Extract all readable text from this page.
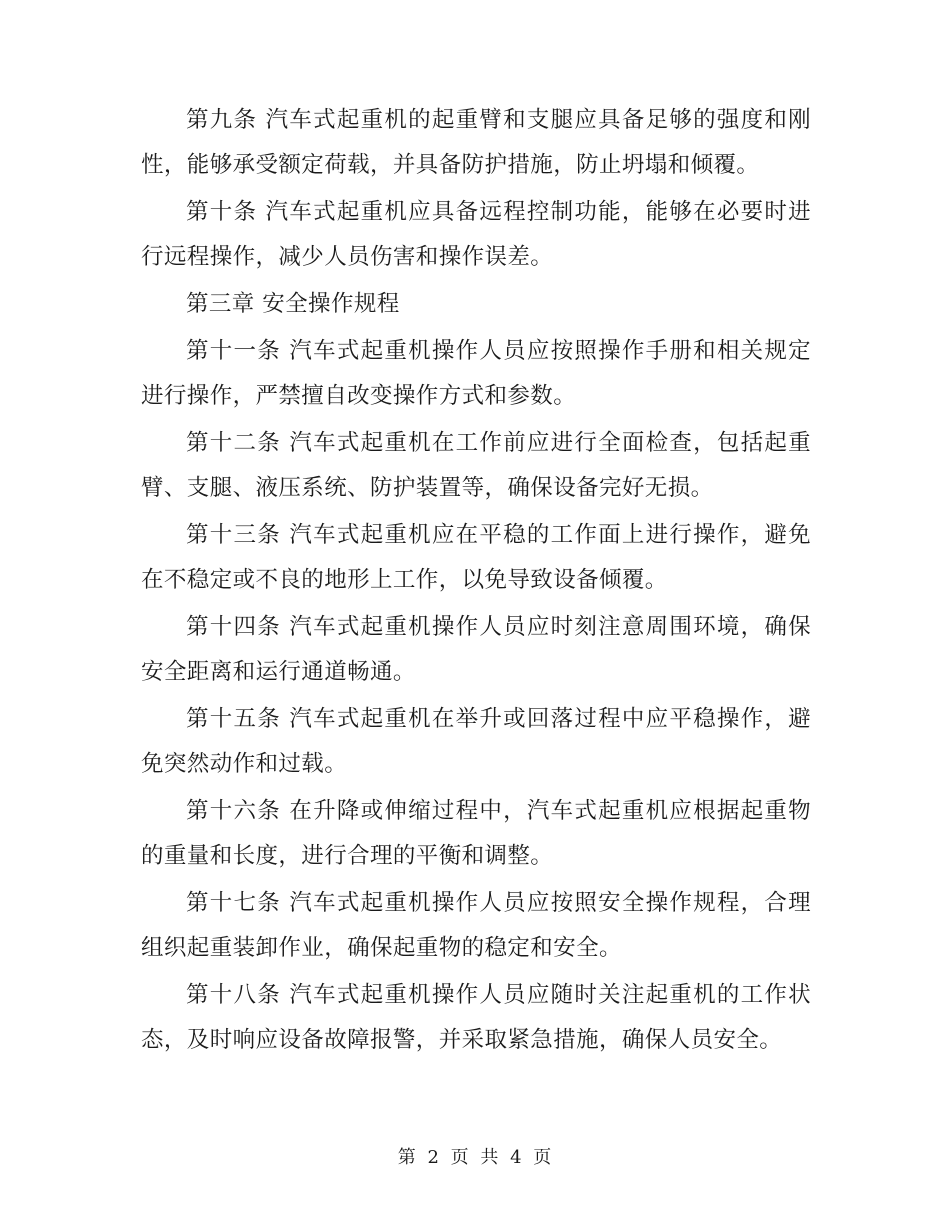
第九条 汽车式起重机的起重臂和支腿应具备足够的强度和刚性，能够承受额定荷载，并具备防护措施，防止坍塌和倾覆。

第十条 汽车式起重机应具备远程控制功能，能够在必要时进行远程操作，减少人员伤害和操作误差。

第三章 安全操作规程

第十一条 汽车式起重机操作人员应按照操作手册和相关规定进行操作，严禁擅自改变操作方式和参数。

第十二条 汽车式起重机在工作前应进行全面检查，包括起重臂、支腿、液压系统、防护装置等，确保设备完好无损。

第十三条 汽车式起重机应在平稳的工作面上进行操作，避免在不稳定或不良的地形上工作，以免导致设备倾覆。

第十四条 汽车式起重机操作人员应时刻注意周围环境，确保安全距离和运行通道畅通。

第十五条 汽车式起重机在举升或回落过程中应平稳操作，避免突然动作和过载。

第十六条 在升降或伸缩过程中，汽车式起重机应根据起重物的重量和长度，进行合理的平衡和调整。

第十七条 汽车式起重机操作人员应按照安全操作规程，合理组织起重装卸作业，确保起重物的稳定和安全。

第十八条 汽车式起重机操作人员应随时关注起重机的工作状态，及时响应设备故障报警，并采取紧急措施，确保人员安全。

第 2 页 共 4 页
